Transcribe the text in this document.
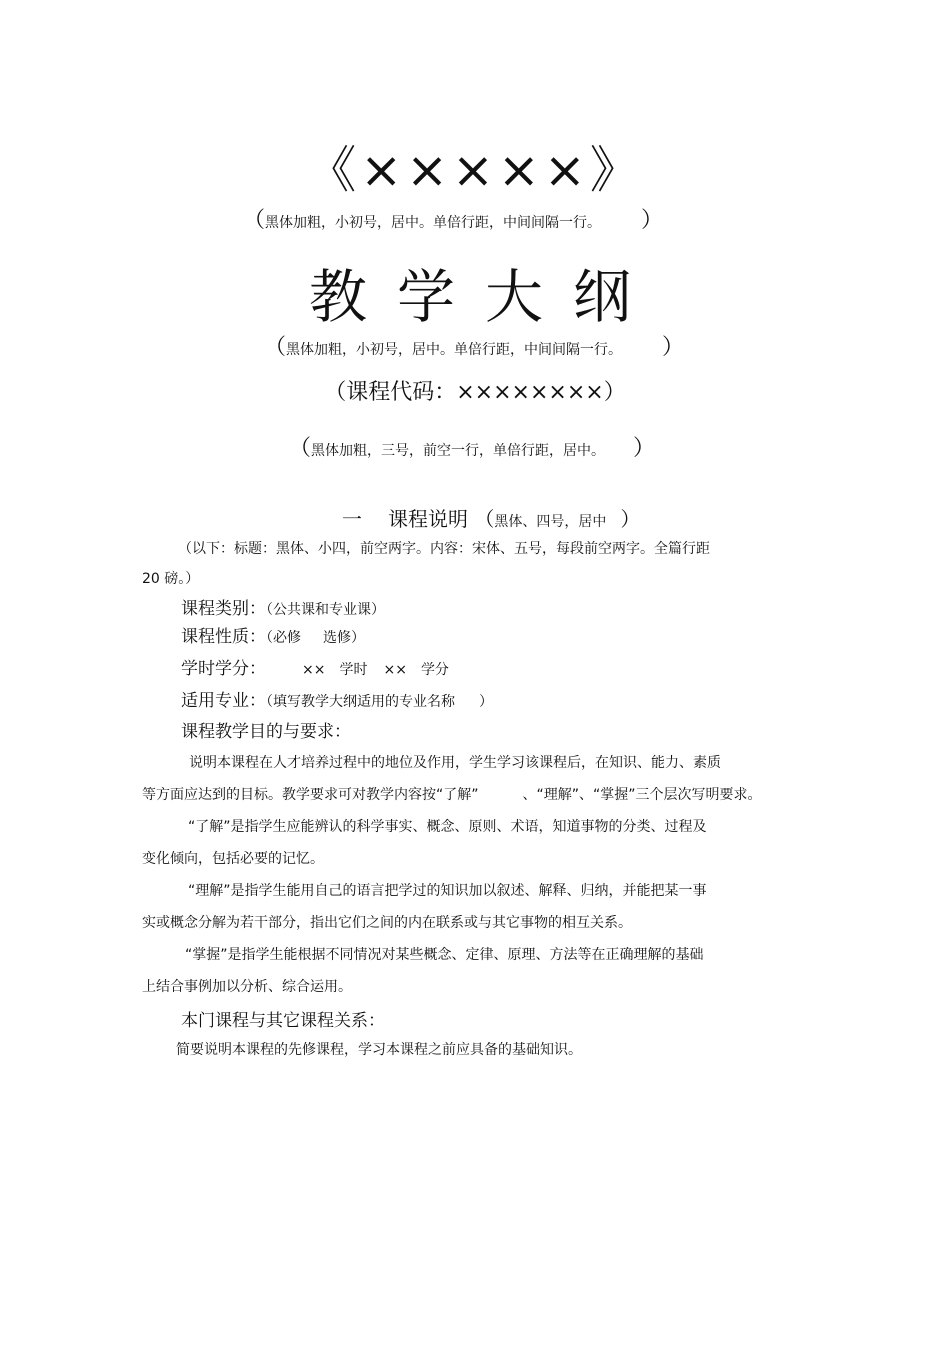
《×××××》
（黑体加粗，小初号，居中。单倍行距，中间间隔一行。 ）
教学大纲
（黑体加粗，小初号，居中。单倍行距，中间间隔一行。 ）
（课程代码：××××××××）
（黑体加粗，三号，前空一行，单倍行距，居中。 ）
一 课程说明 （黑体、四号，居中 ）
（以下：标题：黑体、小四，前空两字。内容：宋体、五号，每段前空两字。全篇行距
20 磅。）
课程类别：（公共课和专业课）
课程性质：（必修 选修）
学时学分：	×× 学时 ×× 学分
适用专业：（填写教学大纲适用的专业名称 ）
课程教学目的与要求：
说明本课程在人才培养过程中的地位及作用，学生学习该课程后，在知识、能力、素质
等方面应达到的目标。教学要求可对教学内容按“了解”	、“理解”、“掌握”三个层次写明要求。
“了解”是指学生应能辨认的科学事实、概念、原则、术语，知道事物的分类、过程及
变化倾向，包括必要的记忆。
“理解”是指学生能用自己的语言把学过的知识加以叙述、解释、归纳，并能把某一事
实或概念分解为若干部分，指出它们之间的内在联系或与其它事物的相互关系。
“掌握”是指学生能根据不同情况对某些概念、定律、原理、方法等在正确理解的基础
上结合事例加以分析、综合运用。
本门课程与其它课程关系：
简要说明本课程的先修课程，学习本课程之前应具备的基础知识。
